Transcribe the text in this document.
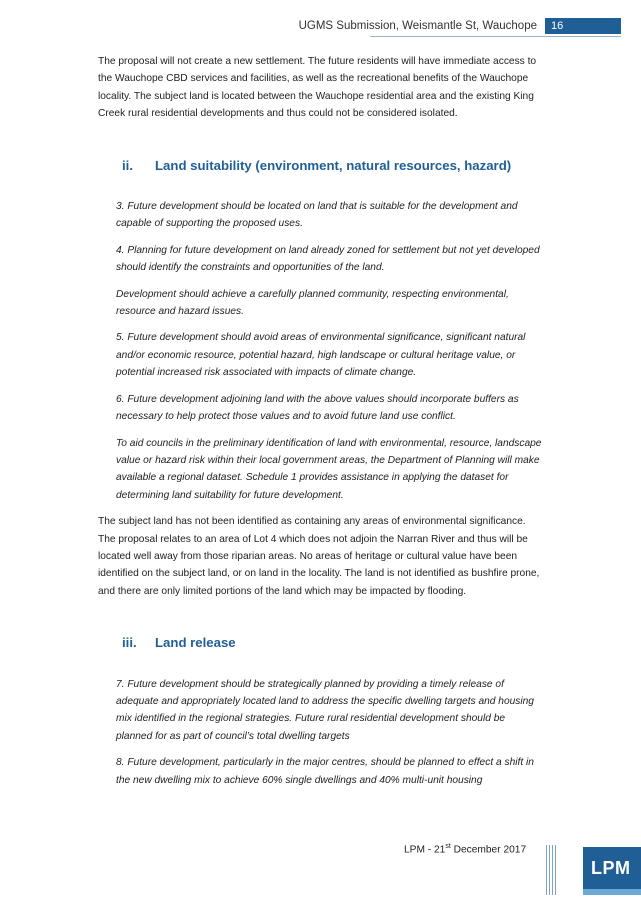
UGMS Submission, Weismantle St, Wauchope	16

The proposal will not create a new settlement. The future residents will have immediate access to the Wauchope CBD services and facilities, as well as the recreational benefits of the Wauchope locality. The subject land is located between the Wauchope residential area and the existing King Creek rural residential developments and thus could not be considered isolated.

ii.	Land suitability (environment, natural resources, hazard)

3. Future development should be located on land that is suitable for the development and capable of supporting the proposed uses.

4. Planning for future development on land already zoned for settlement but not yet developed should identify the constraints and opportunities of the land.

Development should achieve a carefully planned community, respecting environmental, resource and hazard issues.

5. Future development should avoid areas of environmental significance, significant natural and/or economic resource, potential hazard, high landscape or cultural heritage value, or potential increased risk associated with impacts of climate change.

6. Future development adjoining land with the above values should incorporate buffers as necessary to help protect those values and to avoid future land use conflict.

To aid councils in the preliminary identification of land with environmental, resource, landscape value or hazard risk within their local government areas, the Department of Planning will make available a regional dataset. Schedule 1 provides assistance in applying the dataset for determining land suitability for future development.

The subject land has not been identified as containing any areas of environmental significance. The proposal relates to an area of Lot 4 which does not adjoin the Narran River and thus will be located well away from those riparian areas. No areas of heritage or cultural value have been identified on the subject land, or on land in the locality. The land is not identified as bushfire prone, and there are only limited portions of the land which may be impacted by flooding.

iii.	Land release

7. Future development should be strategically planned by providing a timely release of adequate and appropriately located land to address the specific dwelling targets and housing mix identified in the regional strategies. Future rural residential development should be planned for as part of council’s total dwelling targets

8. Future development, particularly in the major centres, should be planned to effect a shift in the new dwelling mix to achieve 60% single dwellings and 40% multi-unit housing

LPM - 21st December 2017
LPM
